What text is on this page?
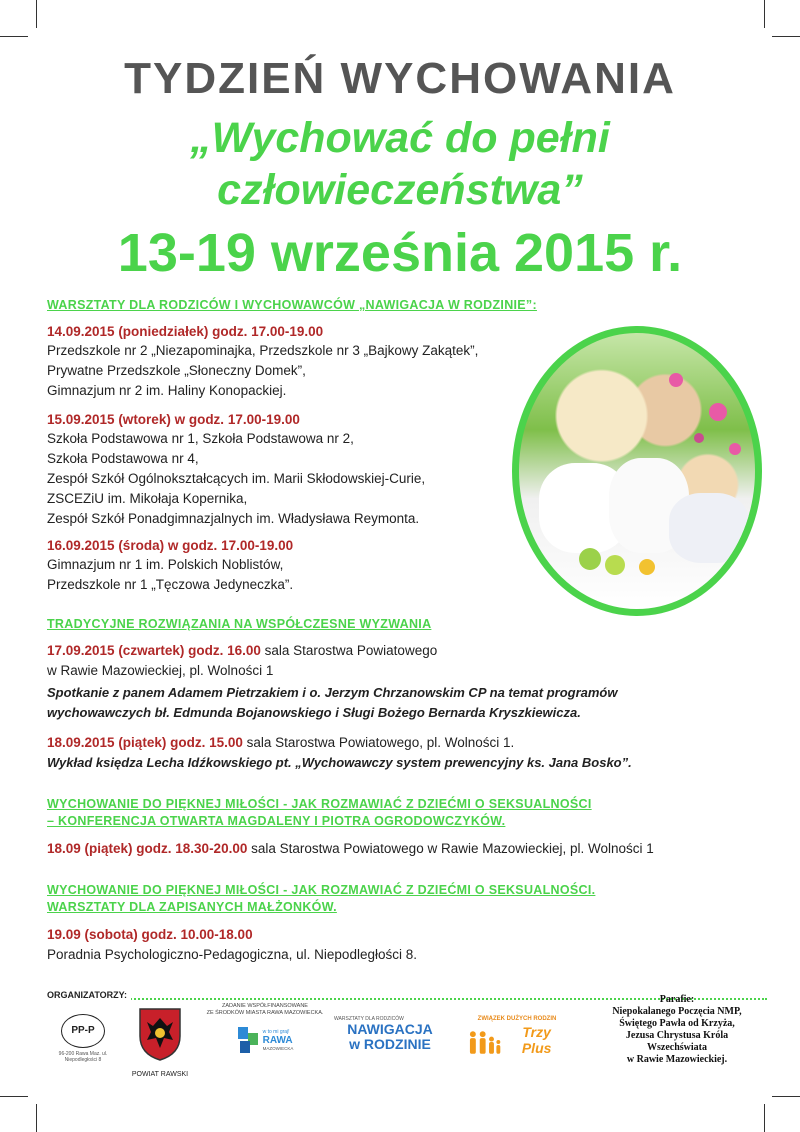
TYDZIEŃ WYCHOWANIA
„Wychować do pełni
człowieczeństwa”
13-19 września 2015 r.
WARSZTATY DLA RODZICÓW I WYCHOWAWCÓW „NAWIGACJA W RODZINIE”:
14.09.2015 (poniedziałek) godz. 17.00-19.00
Przedszkole nr 2 „Niezapominajka, Przedszkole nr 3 „Bajkowy Zakątek”,
Prywatne Przedszkole „Słoneczny Domek”,
Gimnazjum nr 2 im. Haliny Konopackiej.
15.09.2015 (wtorek) w godz. 17.00-19.00
Szkoła Podstawowa nr 1, Szkoła Podstawowa nr 2,
Szkoła Podstawowa nr 4,
Zespół Szkół Ogólnokształcących im. Marii Skłodowskiej-Curie,
ZSCEZiU im. Mikołaja Kopernika,
Zespół Szkół Ponadgimnazjalnych im. Władysława Reymonta.
16.09.2015 (środa) w godz. 17.00-19.00
Gimnazjum nr 1 im. Polskich Noblistów,
Przedszkole nr 1 „Tęczowa Jedyneczka”.
TRADYCYJNE ROZWIĄZANIA NA WSPÓŁCZESNE WYZWANIA
17.09.2015 (czwartek) godz. 16.00 sala Starostwa Powiatowego
w Rawie Mazowieckiej, pl. Wolności 1
Spotkanie z panem Adamem Pietrzakiem i o. Jerzym Chrzanowskim CP na temat programów
wychowawczych bł. Edmunda Bojanowskiego i Sługi Bożego Bernarda Kryszkiewicza.
18.09.2015 (piątek) godz. 15.00 sala Starostwa Powiatowego, pl. Wolności 1.
Wykład księdza Lecha Idźkowskiego pt. „Wychowawczy system prewencyjny ks. Jana Bosko”.
WYCHOWANIE DO PIĘKNEJ MIŁOŚCI - JAK ROZMAWIAĆ Z DZIEĆMI O SEKSUALNOŚCI
– KONFERENCJA OTWARTA MAGDALENY I PIOTRA OGRODOWCZYKÓW.
18.09 (piątek) godz. 18.30-20.00 sala Starostwa Powiatowego w Rawie Mazowieckiej, pl. Wolności 1
WYCHOWANIE DO PIĘKNEJ MIŁOŚCI - JAK ROZMAWIAĆ Z DZIEĆMI O SEKSUALNOŚCI.
WARSZTATY DLA ZAPISANYCH MAŁŻONKÓW.
19.09 (sobota) godz. 10.00-18.00
Poradnia Psychologiczno-Pedagogiczna, ul. Niepodległości 8.
ORGANIZATORZY:
PP-P
96-200 Rawa Maz. ul. Niepodległości 8
POWIAT RAWSKI
ZADANIE WSPÓŁFINANSOWANE
ZE ŚRODKÓW MIASTA RAWA MAZOWIECKA.
w to mi graj!
RAWA
MAZOWIECKA
WARSZTATY DLA RODZICÓW
NAWIGACJA
w RODZINIE
ZWIĄZEK DUŻYCH RODZIN
Trzy Plus
Parafie:
Niepokalanego Poczęcia NMP,
Świętego Pawła od Krzyża,
Jezusa Chrystusa Króla
Wszechświata
w Rawie Mazowieckiej.
